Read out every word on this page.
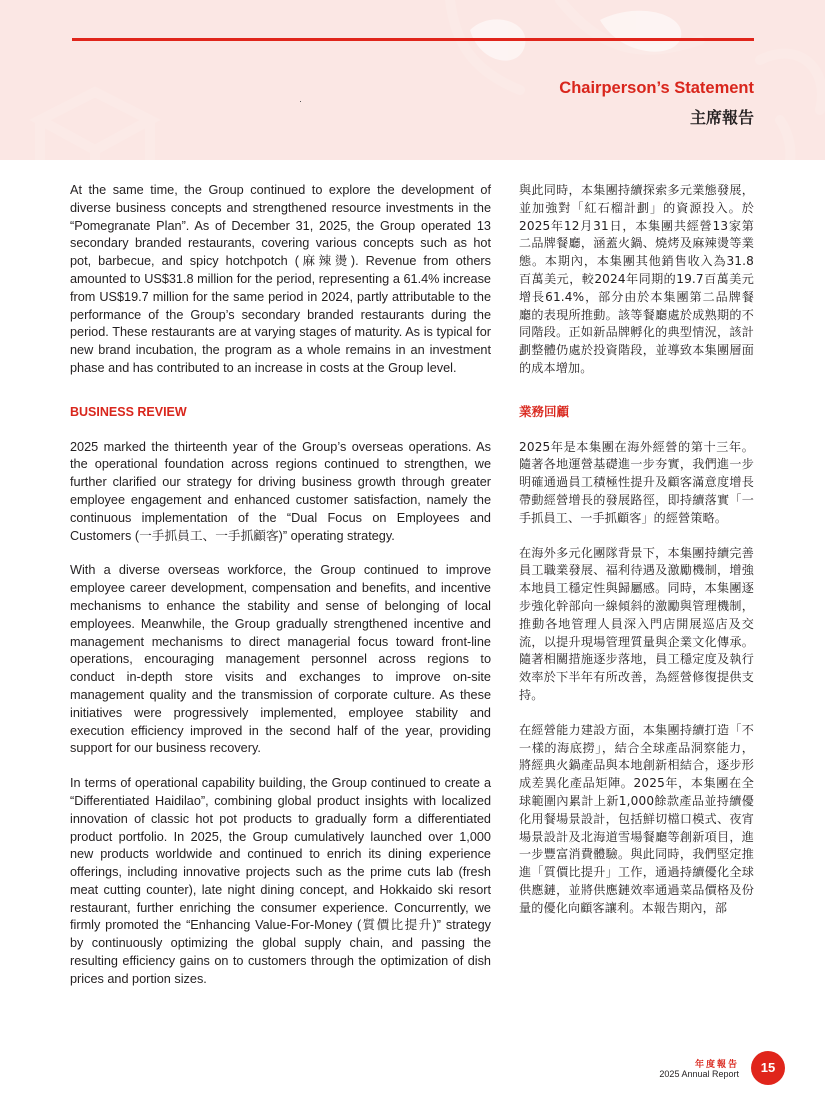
Chairperson’s Statement
主席報告

At the same time, the Group continued to explore the development of diverse business concepts and strengthened resource investments in the “Pomegranate Plan”. As of December 31, 2025, the Group operated 13 secondary branded restaurants, covering various concepts such as hot pot, barbecue, and spicy hotchpotch (麻辣燙). Revenue from others amounted to US$31.8 million for the period, representing a 61.4% increase from US$19.7 million for the same period in 2024, partly attributable to the performance of the Group’s secondary branded restaurants during the period. These restaurants are at varying stages of maturity. As is typical for new brand incubation, the program as a whole remains in an investment phase and has contributed to an increase in costs at the Group level.

BUSINESS REVIEW

2025 marked the thirteenth year of the Group’s overseas operations. As the operational foundation across regions continued to strengthen, we further clarified our strategy for driving business growth through greater employee engagement and enhanced customer satisfaction, namely the continuous implementation of the “Dual Focus on Employees and Customers (一手抓員工、一手抓顧客)” operating strategy.

With a diverse overseas workforce, the Group continued to improve employee career development, compensation and benefits, and incentive mechanisms to enhance the stability and sense of belonging of local employees. Meanwhile, the Group gradually strengthened incentive and management mechanisms to direct managerial focus toward front-line operations, encouraging management personnel across regions to conduct in-depth store visits and exchanges to improve on-site management quality and the transmission of corporate culture. As these initiatives were progressively implemented, employee stability and execution efficiency improved in the second half of the year, providing support for our business recovery.

In terms of operational capability building, the Group continued to create a “Differentiated Haidilao”, combining global product insights with localized innovation of classic hot pot products to gradually form a differentiated product portfolio. In 2025, the Group cumulatively launched over 1,000 new products worldwide and continued to enrich its dining experience offerings, including innovative projects such as the prime cuts lab (fresh meat cutting counter), late night dining concept, and Hokkaido ski resort restaurant, further enriching the consumer experience. Concurrently, we firmly promoted the “Enhancing Value-For-Money (質價比提升)” strategy by continuously optimizing the global supply chain, and passing the resulting efficiency gains on to customers through the optimization of dish prices and portion sizes.

與此同時，本集團持續探索多元業態發展，並加強對「紅石榴計劃」的資源投入。於2025年12月31日，本集團共經營13家第二品牌餐廳，涵蓋火鍋、燒烤及麻辣燙等業態。本期內，本集團其他銷售收入為31.8百萬美元，較2024年同期的19.7百萬美元增長61.4%，部分由於本集團第二品牌餐廳的表現所推動。該等餐廳處於成熟期的不同階段。正如新品牌孵化的典型情況，該計劃整體仍處於投資階段，並導致本集團層面的成本增加。

業務回顧

2025年是本集團在海外經營的第十三年。隨著各地運營基礎進一步夯實，我們進一步明確通過員工積極性提升及顧客滿意度增長帶動經營增長的發展路徑，即持續落實「一手抓員工、一手抓顧客」的經營策略。

在海外多元化團隊背景下，本集團持續完善員工職業發展、福利待遇及激勵機制，增強本地員工穩定性與歸屬感。同時，本集團逐步強化幹部向一線傾斜的激勵與管理機制，推動各地管理人員深入門店開展巡店及交流，以提升現場管理質量與企業文化傳承。隨著相關措施逐步落地，員工穩定度及執行效率於下半年有所改善，為經營修復提供支持。

在經營能力建設方面，本集團持續打造「不一樣的海底撈」，結合全球產品洞察能力，將經典火鍋產品與本地創新相結合，逐步形成差異化產品矩陣。2025年，本集團在全球範圍內累計上新1,000餘款產品並持續優化用餐場景設計，包括鮮切檔口模式、夜宵場景設計及北海道雪場餐廳等創新項目，進一步豐富消費體驗。與此同時，我們堅定推進「質價比提升」工作，通過持續優化全球供應鏈，並將供應鏈效率通過菜品價格及份量的優化向顧客讓利。本報告期內，部

年度報告
2025 Annual Report	15
